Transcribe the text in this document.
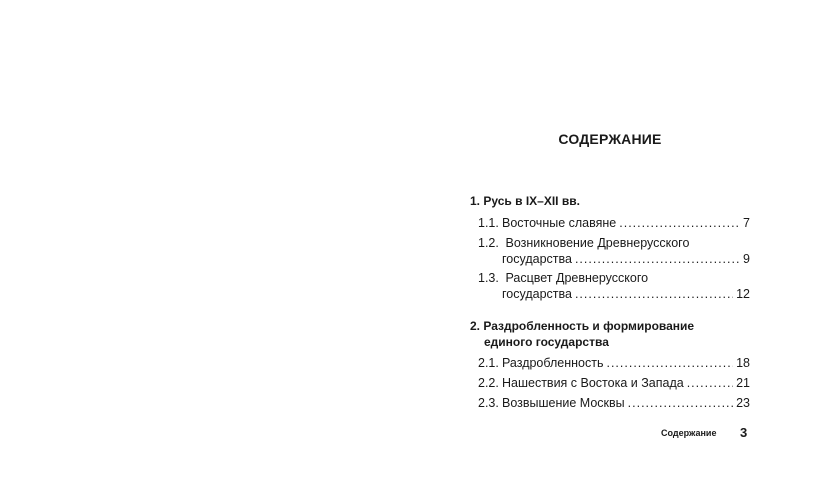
СОДЕРЖАНИЕ
1. Русь в IX–XII вв.
1.1. Восточные славяне .....	7
1.2. Возникновение Древнерусского
государства .....	9
1.3. Расцвет Древнерусского
государства .....	12
2. Раздробленность и формирование
единого государства
2.1. Раздробленность .....	18
2.2. Нашествия с Востока и Запада .....	21
2.3. Возвышение Москвы .....	23
Содержание 3
